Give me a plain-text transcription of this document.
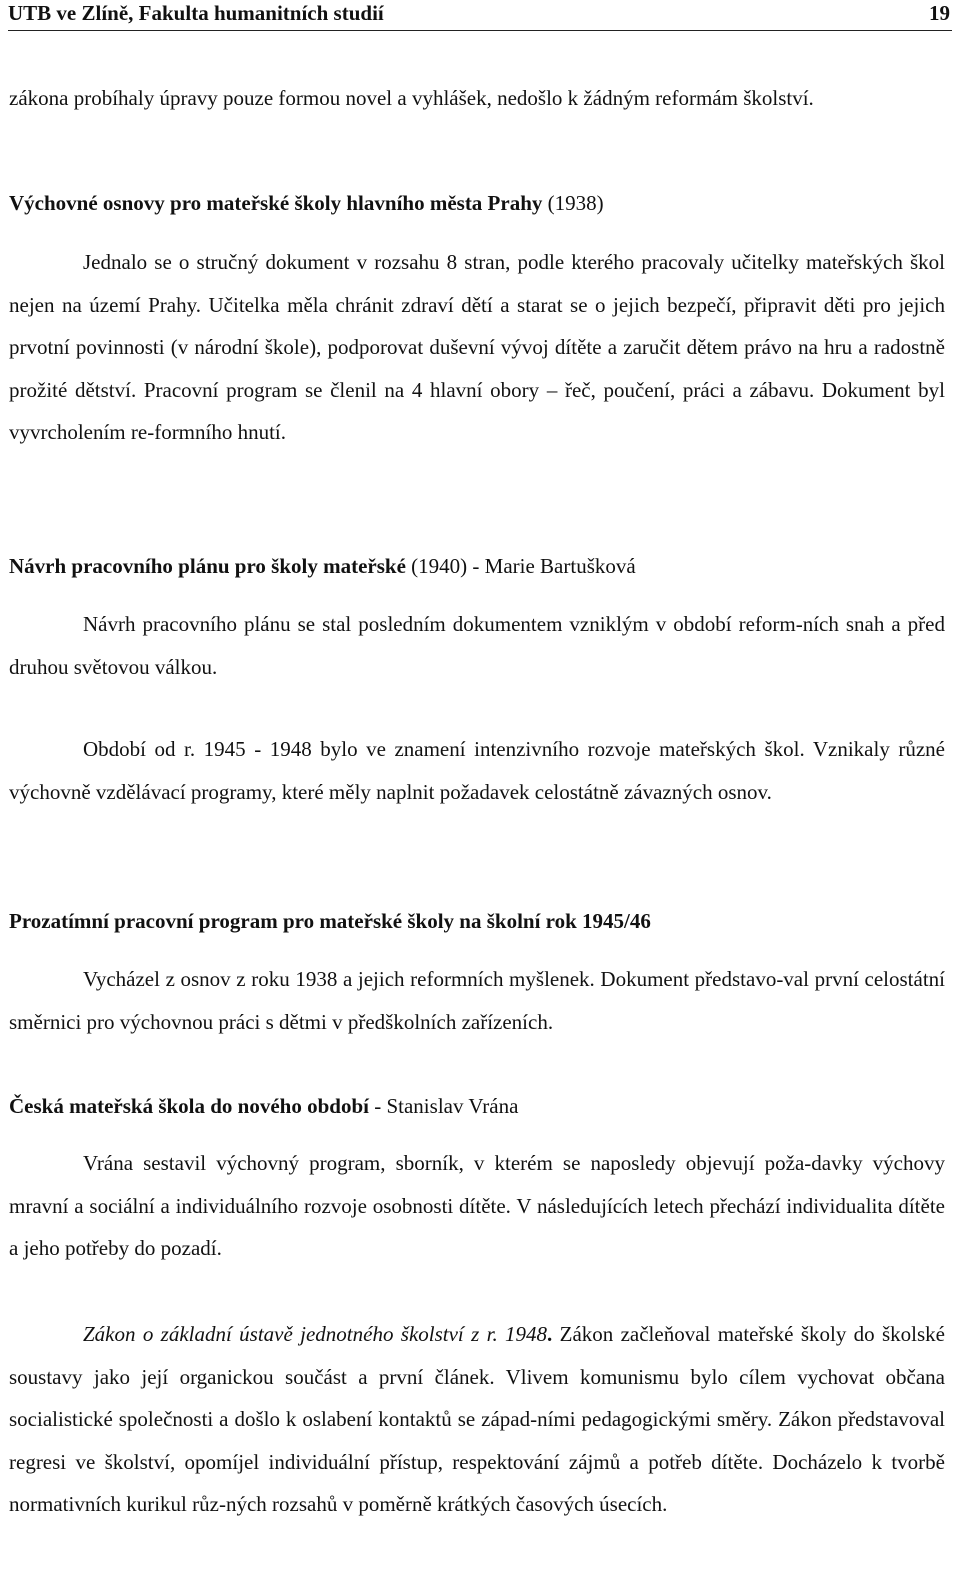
UTB ve Zlíně, Fakulta humanitních studií	19

zákona probíhaly úpravy pouze formou novel a vyhlášek, nedošlo k žádným reformám školství.

Výchovné osnovy pro mateřské školy hlavního města Prahy (1938)

Jednalo se o stručný dokument v rozsahu 8 stran, podle kterého pracovaly učitelky mateřských škol nejen na území Prahy. Učitelka měla chránit zdraví dětí a starat se o jejich bezpečí, připravit děti pro jejich prvotní povinnosti (v národní škole), podporovat duševní vývoj dítěte a zaručit dětem právo na hru a radostně prožité dětství. Pracovní program se členil na 4 hlavní obory – řeč, poučení, práci a zábavu. Dokument byl vyvrcholením re-formního hnutí.

Návrh pracovního plánu pro školy mateřské (1940) - Marie Bartušková

Návrh pracovního plánu se stal posledním dokumentem vzniklým v období reform-ních snah a před druhou světovou válkou.

Období od r. 1945 - 1948 bylo ve znamení intenzivního rozvoje mateřských škol. Vznikaly různé výchovně vzdělávací programy, které měly naplnit požadavek celostátně závazných osnov.

Prozatímní pracovní program pro mateřské školy na školní rok 1945/46

Vycházel z osnov z roku 1938 a jejich reformních myšlenek. Dokument představo-val první celostátní směrnici pro výchovnou práci s dětmi v předškolních zařízeních.

Česká mateřská škola do nového období - Stanislav Vrána

Vrána sestavil výchovný program, sborník, v kterém se naposledy objevují poža-davky výchovy mravní a sociální a individuálního rozvoje osobnosti dítěte. V následujících letech přechází individualita dítěte a jeho potřeby do pozadí.

Zákon o základní ústavě jednotného školství z r. 1948. Zákon začleňoval mateřské školy do školské soustavy jako její organickou součást a první článek. Vlivem komunismu bylo cílem vychovat občana socialistické společnosti a došlo k oslabení kontaktů se západ-ními pedagogickými směry. Zákon představoval regresi ve školství, opomíjel individuální přístup, respektování zájmů a potřeb dítěte. Docházelo k tvorbě normativních kurikul růz-ných rozsahů v poměrně krátkých časových úsecích.
